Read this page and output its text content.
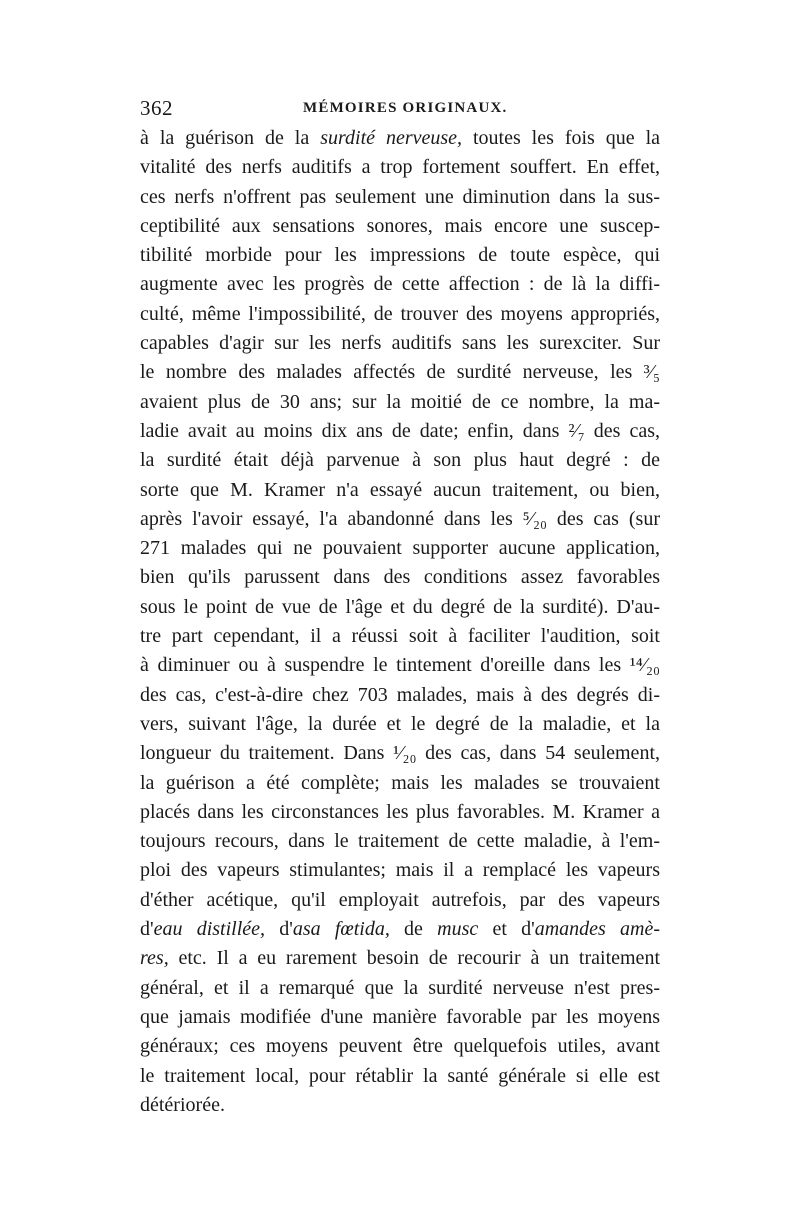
362	MÉMOIRES ORIGINAUX.
à la guérison de la surdité nerveuse, toutes les fois que la
vitalité des nerfs auditifs a trop fortement souffert. En effet,
ces nerfs n'offrent pas seulement une diminution dans la sus-
ceptibilité aux sensations sonores, mais encore une suscep-
tibilité morbide pour les impressions de toute espèce, qui
augmente avec les progrès de cette affection : de là la diffi-
culté, même l'impossibilité, de trouver des moyens appropriés,
capables d'agir sur les nerfs auditifs sans les surexciter. Sur
le nombre des malades affectés de surdité nerveuse, les ³⁄₅
avaient plus de 30 ans; sur la moitié de ce nombre, la ma-
ladie avait au moins dix ans de date; enfin, dans ²⁄₇ des cas,
la surdité était déjà parvenue à son plus haut degré : de
sorte que M. Kramer n'a essayé aucun traitement, ou bien,
après l'avoir essayé, l'a abandonné dans les ⁵⁄₂₀ des cas (sur
271 malades qui ne pouvaient supporter aucune application,
bien qu'ils parussent dans des conditions assez favorables
sous le point de vue de l'âge et du degré de la surdité). D'au-
tre part cependant, il a réussi soit à faciliter l'audition, soit
à diminuer ou à suspendre le tintement d'oreille dans les ¹⁴⁄₂₀
des cas, c'est-à-dire chez 703 malades, mais à des degrés di-
vers, suivant l'âge, la durée et le degré de la maladie, et la
longueur du traitement. Dans ¹⁄₂₀ des cas, dans 54 seulement,
la guérison a été complète; mais les malades se trouvaient
placés dans les circonstances les plus favorables. M. Kramer a
toujours recours, dans le traitement de cette maladie, à l'em-
ploi des vapeurs stimulantes; mais il a remplacé les vapeurs
d'éther acétique, qu'il employait autrefois, par des vapeurs
d'eau distillée, d'asa fœtida, de musc et d'amandes amè-
res, etc. Il a eu rarement besoin de recourir à un traitement
général, et il a remarqué que la surdité nerveuse n'est pres-
que jamais modifiée d'une manière favorable par les moyens
généraux; ces moyens peuvent être quelquefois utiles, avant
le traitement local, pour rétablir la santé générale si elle est
détériorée.
